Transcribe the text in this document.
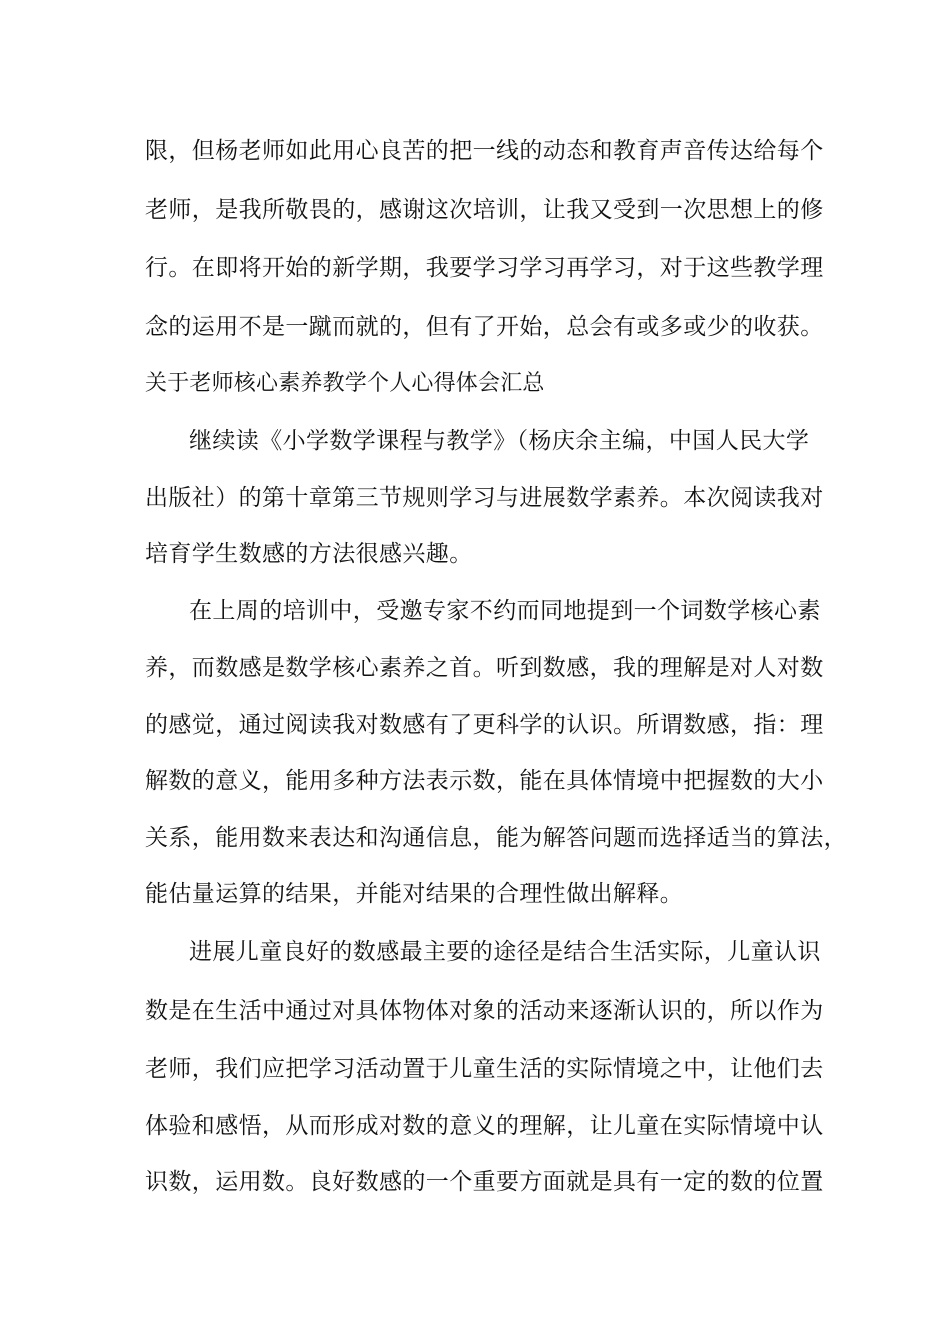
限，但杨老师如此用心良苦的把一线的动态和教育声音传达给每个
老师，是我所敬畏的，感谢这次培训，让我又受到一次思想上的修
行。在即将开始的新学期，我要学习学习再学习，对于这些教学理
念的运用不是一蹴而就的，但有了开始，总会有或多或少的收获。
关于老师核心素养教学个人心得体会汇总
继续读《小学数学课程与教学》（杨庆余主编，中国人民大学
出版社）的第十章第三节规则学习与进展数学素养。本次阅读我对
培育学生数感的方法很感兴趣。
在上周的培训中，受邀专家不约而同地提到一个词数学核心素
养，而数感是数学核心素养之首。听到数感，我的理解是对人对数
的感觉，通过阅读我对数感有了更科学的认识。所谓数感，指：理
解数的意义，能用多种方法表示数，能在具体情境中把握数的大小
关系，能用数来表达和沟通信息，能为解答问题而选择适当的算法，
能估量运算的结果，并能对结果的合理性做出解释。
进展儿童良好的数感最主要的途径是结合生活实际，儿童认识
数是在生活中通过对具体物体对象的活动来逐渐认识的，所以作为
老师，我们应把学习活动置于儿童生活的实际情境之中，让他们去
体验和感悟，从而形成对数的意义的理解，让儿童在实际情境中认
识数，运用数。良好数感的一个重要方面就是具有一定的数的位置
